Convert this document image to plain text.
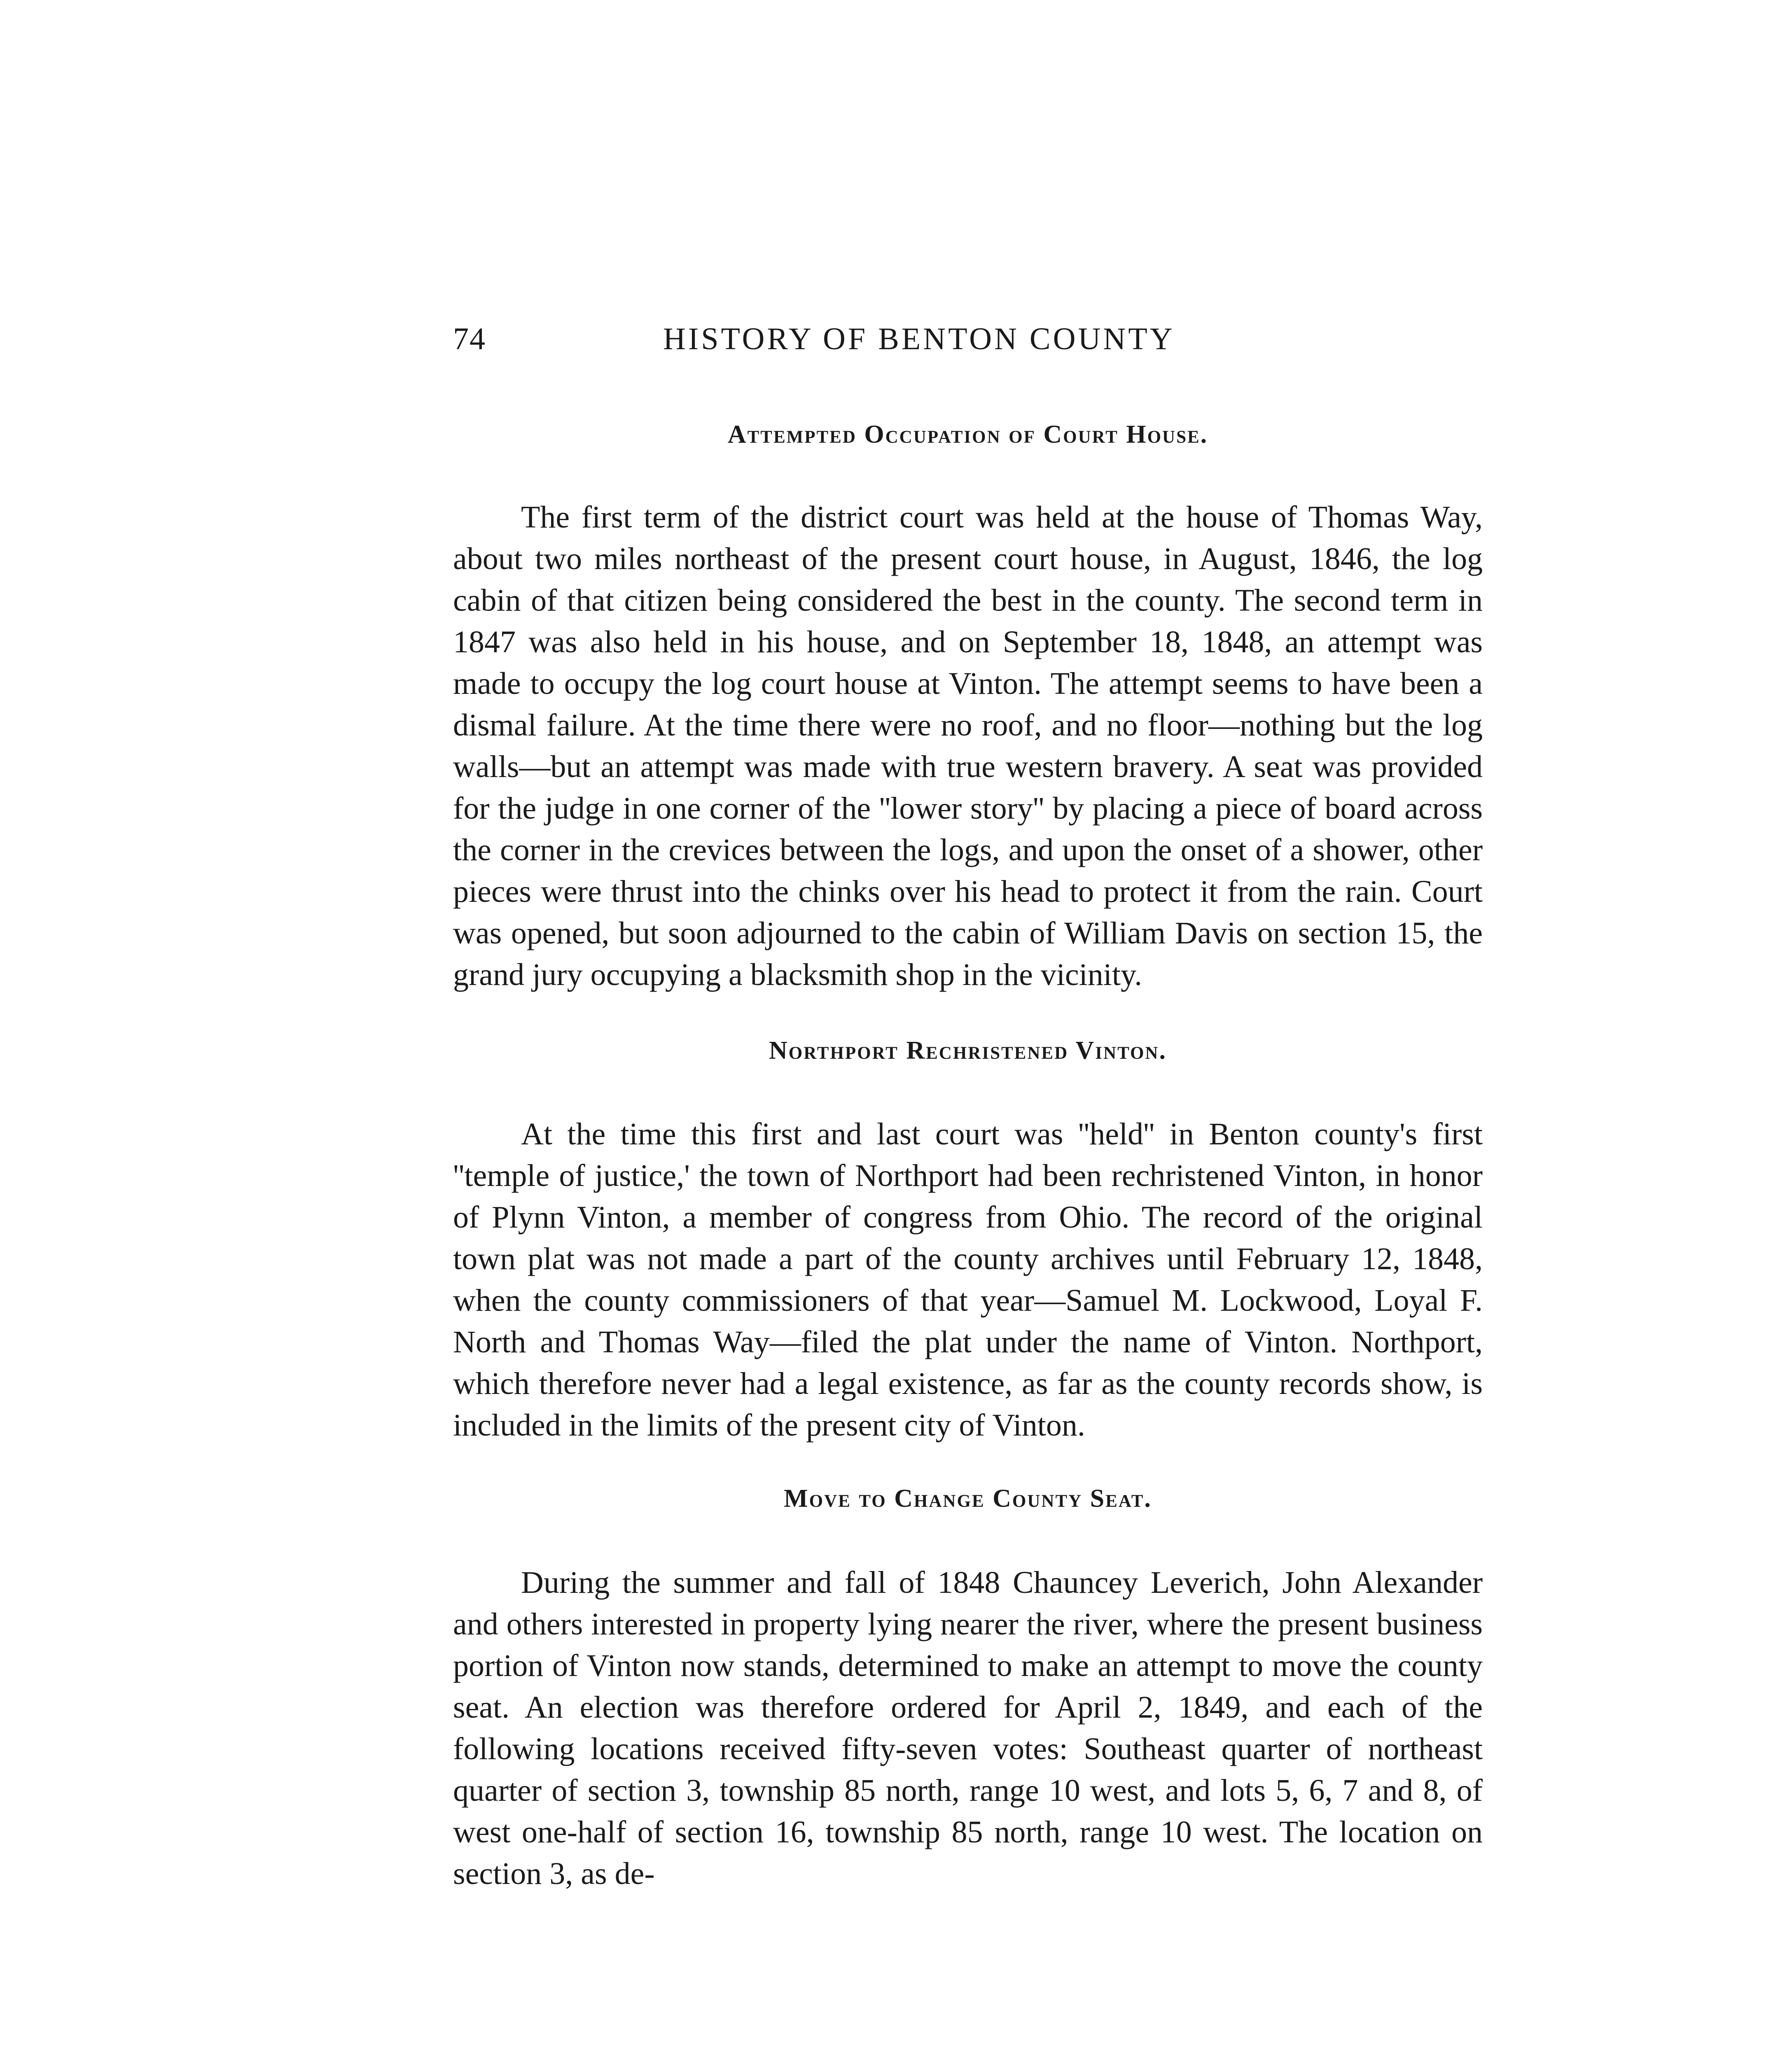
74	HISTORY OF BENTON COUNTY
Attempted Occupation of Court House.

The first term of the district court was held at the house of Thomas Way, about two miles northeast of the present court house, in August, 1846, the log cabin of that citizen being considered the best in the county. The second term in 1847 was also held in his house, and on September 18, 1848, an attempt was made to occupy the log court house at Vinton. The attempt seems to have been a dismal failure. At the time there were no roof, and no floor—nothing but the log walls—but an attempt was made with true western bravery. A seat was provided for the judge in one corner of the ''lower story'' by placing a piece of board across the corner in the crevices between the logs, and upon the onset of a shower, other pieces were thrust into the chinks over his head to protect it from the rain. Court was opened, but soon adjourned to the cabin of William Davis on section 15, the grand jury occupying a blacksmith shop in the vicinity.

Northport Rechristened Vinton.

At the time this first and last court was ''held'' in Benton county's first ''temple of justice,' the town of Northport had been rechristened Vinton, in honor of Plynn Vinton, a member of congress from Ohio. The record of the original town plat was not made a part of the county archives until February 12, 1848, when the county commissioners of that year—Samuel M. Lockwood, Loyal F. North and Thomas Way—filed the plat under the name of Vinton. Northport, which therefore never had a legal existence, as far as the county records show, is included in the limits of the present city of Vinton.

Move to Change County Seat.

During the summer and fall of 1848 Chauncey Leverich, John Alexander and others interested in property lying nearer the river, where the present business portion of Vinton now stands, determined to make an attempt to move the county seat. An election was therefore ordered for April 2, 1849, and each of the following locations received fifty-seven votes: Southeast quarter of northeast quarter of section 3, township 85 north, range 10 west, and lots 5, 6, 7 and 8, of west one-half of section 16, township 85 north, range 10 west. The location on section 3, as de-
